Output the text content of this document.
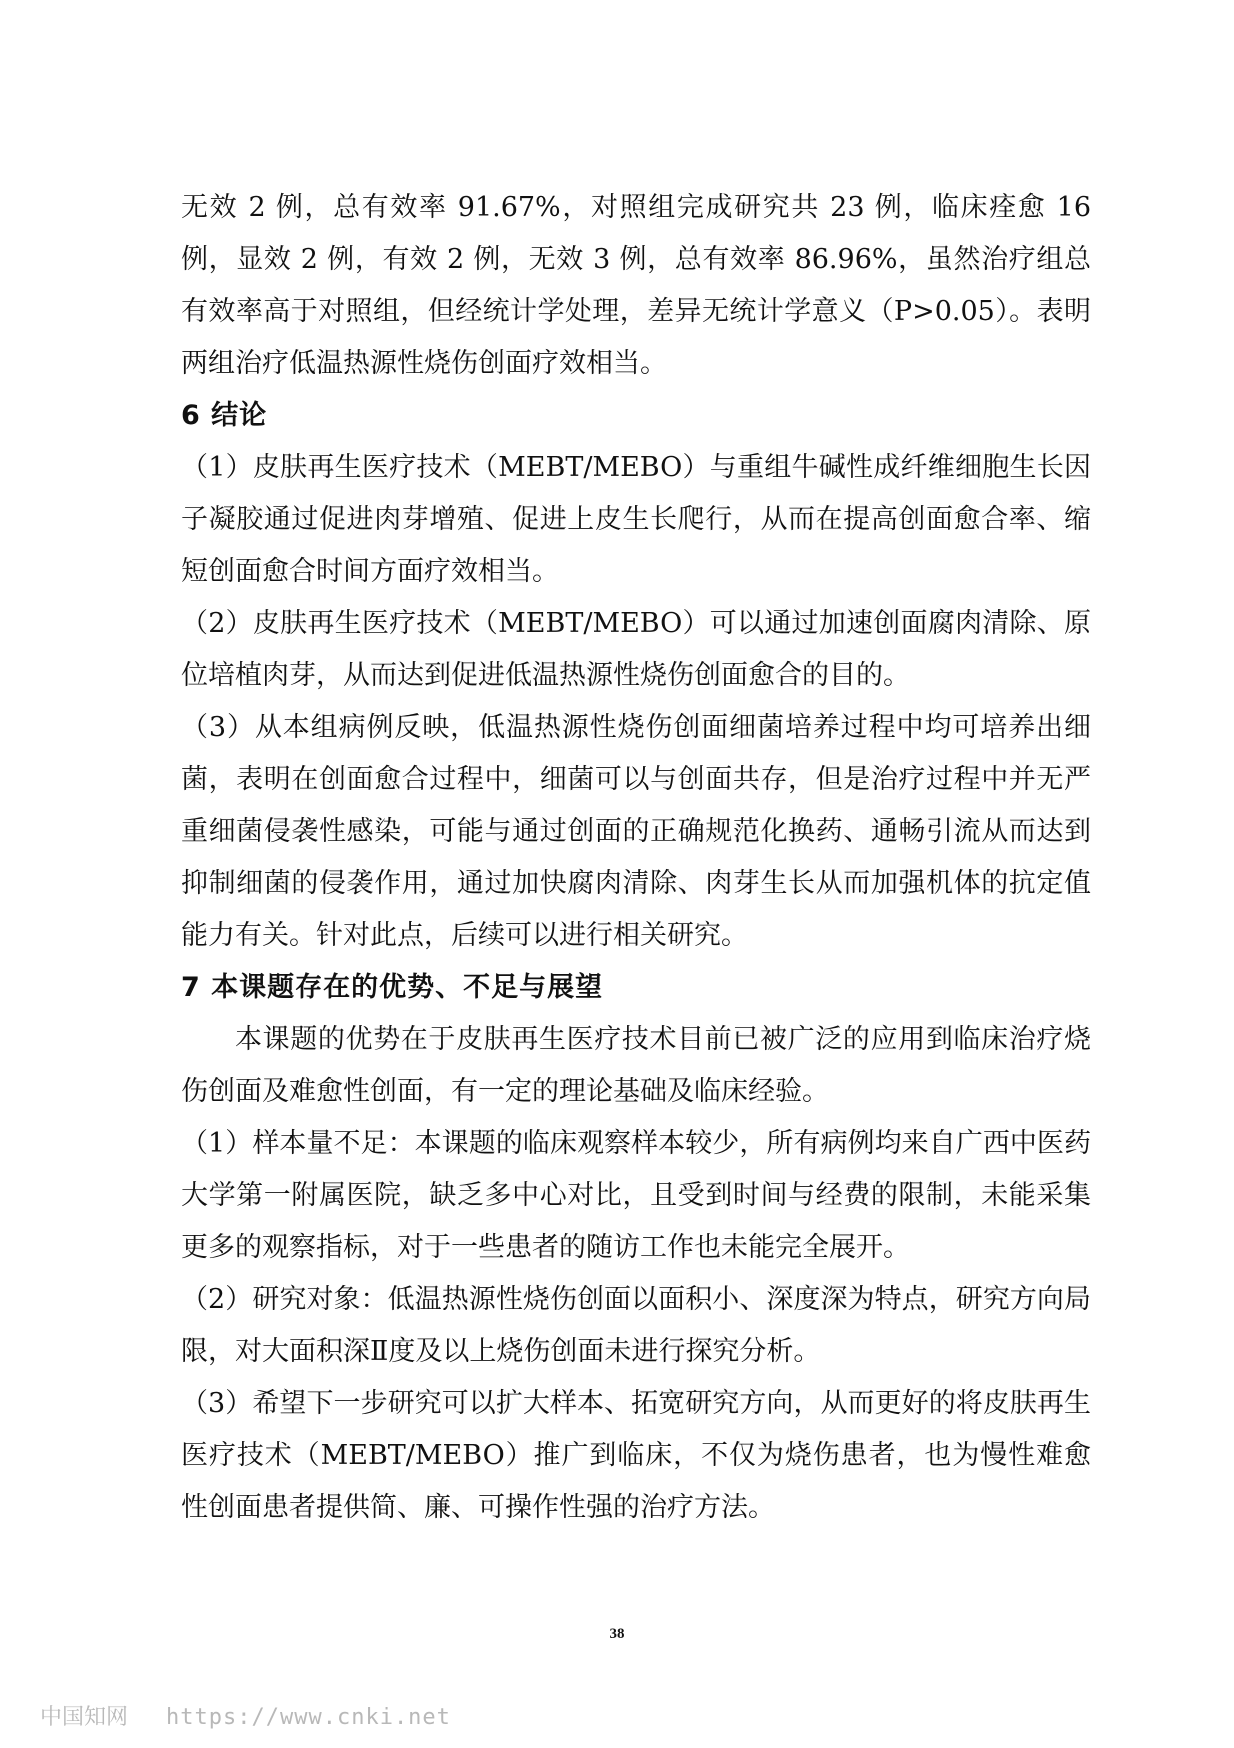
无效 2 例，总有效率 91.67%，对照组完成研究共 23 例，临床痊愈 16 例，显效 2 例，有效 2 例，无效 3 例，总有效率 86.96%，虽然治疗组总有效率高于对照组，但经统计学处理，差异无统计学意义（P>0.05）。表明两组治疗低温热源性烧伤创面疗效相当。

6 结论

（1）皮肤再生医疗技术（MEBT/MEBO）与重组牛碱性成纤维细胞生长因子凝胶通过促进肉芽增殖、促进上皮生长爬行，从而在提高创面愈合率、缩短创面愈合时间方面疗效相当。

（2）皮肤再生医疗技术（MEBT/MEBO）可以通过加速创面腐肉清除、原位培植肉芽，从而达到促进低温热源性烧伤创面愈合的目的。

（3）从本组病例反映，低温热源性烧伤创面细菌培养过程中均可培养出细菌，表明在创面愈合过程中，细菌可以与创面共存，但是治疗过程中并无严重细菌侵袭性感染，可能与通过创面的正确规范化换药、通畅引流从而达到抑制细菌的侵袭作用，通过加快腐肉清除、肉芽生长从而加强机体的抗定值能力有关。针对此点，后续可以进行相关研究。

7 本课题存在的优势、不足与展望

本课题的优势在于皮肤再生医疗技术目前已被广泛的应用到临床治疗烧伤创面及难愈性创面，有一定的理论基础及临床经验。

（1）样本量不足：本课题的临床观察样本较少，所有病例均来自广西中医药大学第一附属医院，缺乏多中心对比，且受到时间与经费的限制，未能采集更多的观察指标，对于一些患者的随访工作也未能完全展开。

（2）研究对象：低温热源性烧伤创面以面积小、深度深为特点，研究方向局限，对大面积深Ⅱ度及以上烧伤创面未进行探究分析。

（3）希望下一步研究可以扩大样本、拓宽研究方向，从而更好的将皮肤再生医疗技术（MEBT/MEBO）推广到临床，不仅为烧伤患者，也为慢性难愈性创面患者提供简、廉、可操作性强的治疗方法。

38
中国知网 https://www.cnki.net
